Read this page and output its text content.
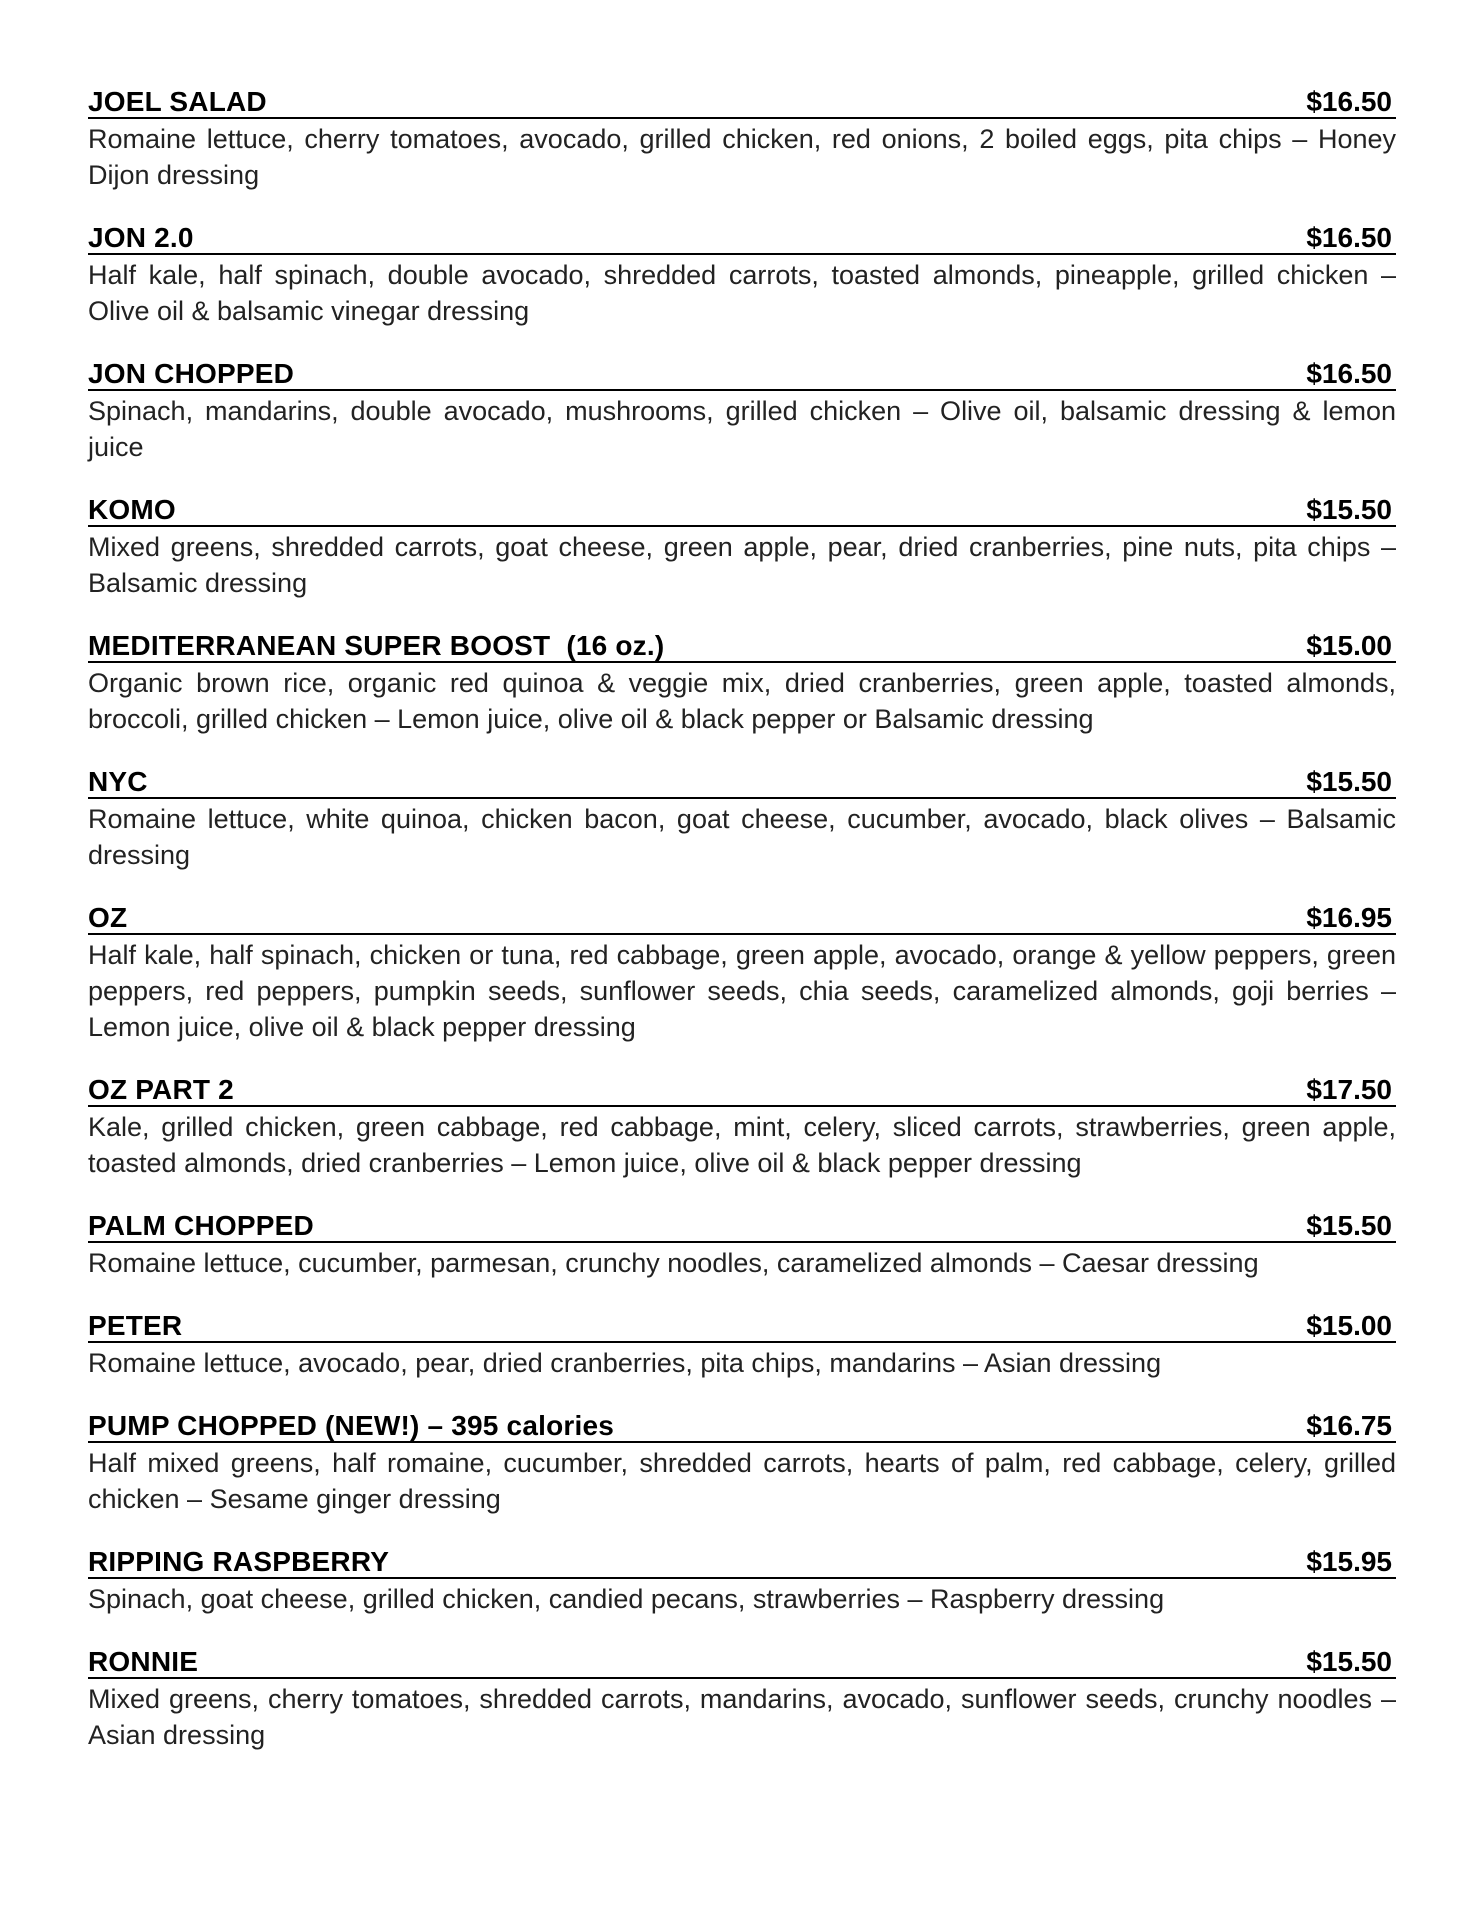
JOEL SALAD	$16.50
Romaine lettuce, cherry tomatoes, avocado, grilled chicken, red onions, 2 boiled eggs, pita chips – Honey Dijon dressing
JON 2.0	$16.50
Half kale, half spinach, double avocado, shredded carrots, toasted almonds, pineapple, grilled chicken – Olive oil & balsamic vinegar dressing
JON CHOPPED	$16.50
Spinach, mandarins, double avocado, mushrooms, grilled chicken – Olive oil, balsamic dressing & lemon juice
KOMO	$15.50
Mixed greens, shredded carrots, goat cheese, green apple, pear, dried cranberries, pine nuts, pita chips – Balsamic dressing
MEDITERRANEAN SUPER BOOST  (16 oz.)	$15.00
Organic brown rice, organic red quinoa & veggie mix, dried cranberries, green apple, toasted almonds, broccoli, grilled chicken – Lemon juice, olive oil & black pepper or Balsamic dressing
NYC	$15.50
Romaine lettuce, white quinoa, chicken bacon, goat cheese, cucumber, avocado, black olives – Balsamic dressing
OZ	$16.95
Half kale, half spinach, chicken or tuna, red cabbage, green apple, avocado, orange & yellow peppers, green peppers, red peppers, pumpkin seeds, sunflower seeds, chia seeds, caramelized almonds, goji berries – Lemon juice, olive oil & black pepper dressing
OZ PART 2	$17.50
Kale, grilled chicken, green cabbage, red cabbage, mint, celery, sliced carrots, strawberries, green apple, toasted almonds, dried cranberries – Lemon juice, olive oil & black pepper dressing
PALM CHOPPED	$15.50
Romaine lettuce, cucumber, parmesan, crunchy noodles, caramelized almonds – Caesar dressing
PETER	$15.00
Romaine lettuce, avocado, pear, dried cranberries, pita chips, mandarins – Asian dressing
PUMP CHOPPED (NEW!) – 395 calories	$16.75
Half mixed greens, half romaine, cucumber, shredded carrots, hearts of palm, red cabbage, celery, grilled chicken – Sesame ginger dressing
RIPPING RASPBERRY	$15.95
Spinach, goat cheese, grilled chicken, candied pecans, strawberries – Raspberry dressing
RONNIE	$15.50
Mixed greens, cherry tomatoes, shredded carrots, mandarins, avocado, sunflower seeds, crunchy noodles – Asian dressing
